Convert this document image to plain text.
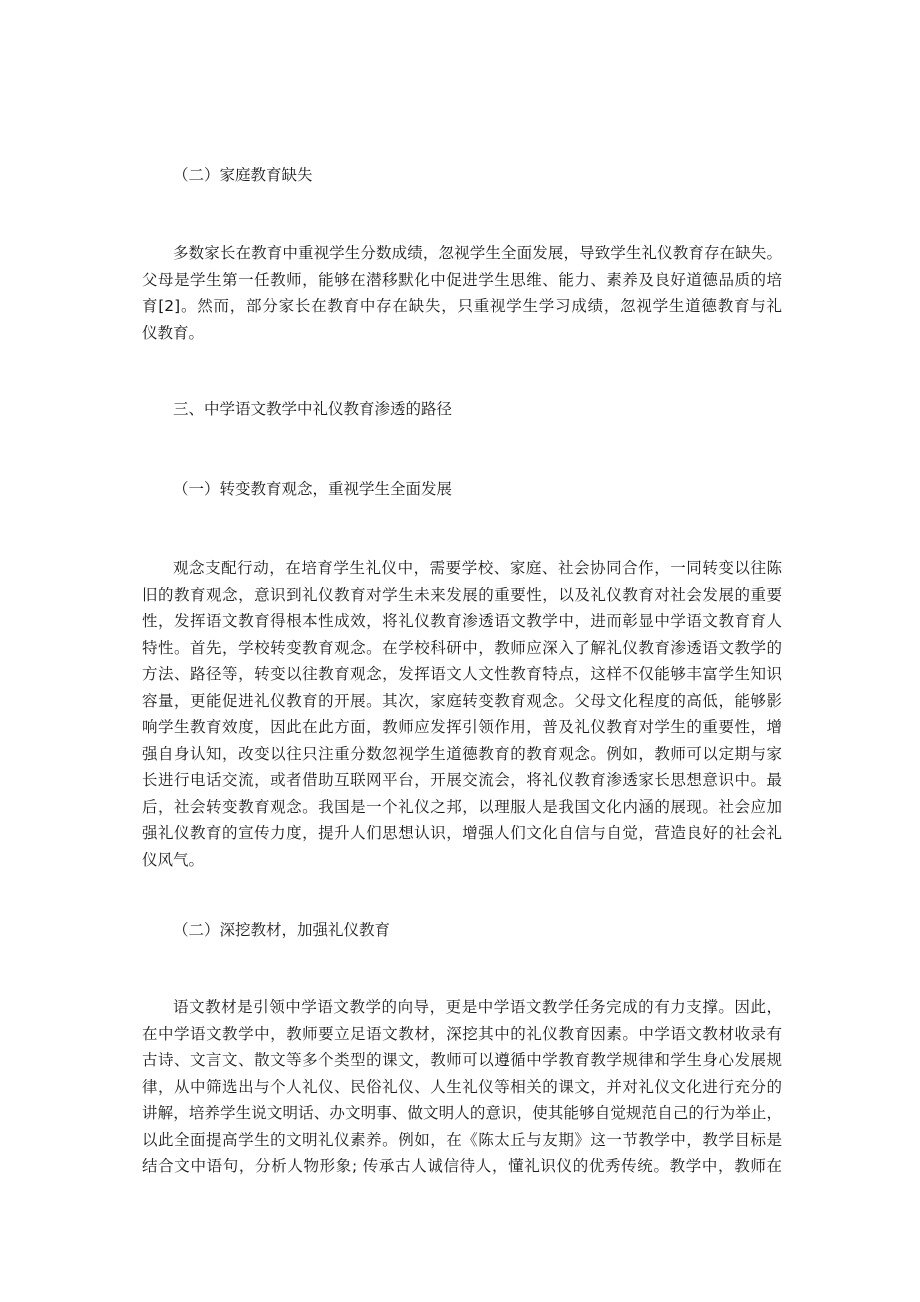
（二）家庭教育缺失
多数家长在教育中重视学生分数成绩，忽视学生全面发展，导致学生礼仪教育存在缺失。
父母是学生第一任教师，能够在潜移默化中促进学生思维、能力、素养及良好道德品质的培
育[2]。然而，部分家长在教育中存在缺失，只重视学生学习成绩，忽视学生道德教育与礼
仪教育。
三、中学语文教学中礼仪教育渗透的路径
（一）转变教育观念，重视学生全面发展
观念支配行动，在培育学生礼仪中，需要学校、家庭、社会协同合作，一同转变以往陈
旧的教育观念，意识到礼仪教育对学生未来发展的重要性，以及礼仪教育对社会发展的重要
性，发挥语文教育得根本性成效，将礼仪教育渗透语文教学中，进而彰显中学语文教育育人
特性。首先，学校转变教育观念。在学校科研中，教师应深入了解礼仪教育渗透语文教学的
方法、路径等，转变以往教育观念，发挥语文人文性教育特点，这样不仅能够丰富学生知识
容量，更能促进礼仪教育的开展。其次，家庭转变教育观念。父母文化程度的高低，能够影
响学生教育效度，因此在此方面，教师应发挥引领作用，普及礼仪教育对学生的重要性，增
强自身认知，改变以往只注重分数忽视学生道德教育的教育观念。例如，教师可以定期与家
长进行电话交流，或者借助互联网平台，开展交流会，将礼仪教育渗透家长思想意识中。最
后，社会转变教育观念。我国是一个礼仪之邦，以理服人是我国文化内涵的展现。社会应加
强礼仪教育的宣传力度，提升人们思想认识，增强人们文化自信与自觉，营造良好的社会礼
仪风气。
（二）深挖教材，加强礼仪教育
语文教材是引领中学语文教学的向导，更是中学语文教学任务完成的有力支撑。因此，
在中学语文教学中，教师要立足语文教材，深挖其中的礼仪教育因素。中学语文教材收录有
古诗、文言文、散文等多个类型的课文，教师可以遵循中学教育教学规律和学生身心发展规
律，从中筛选出与个人礼仪、民俗礼仪、人生礼仪等相关的课文，并对礼仪文化进行充分的
讲解，培养学生说文明话、办文明事、做文明人的意识，使其能够自觉规范自己的行为举止，
以此全面提高学生的文明礼仪素养。例如，在《陈太丘与友期》这一节教学中，教学目标是
结合文中语句，分析人物形象; 传承古人诚信待人，懂礼识仪的优秀传统。教学中，教师在
